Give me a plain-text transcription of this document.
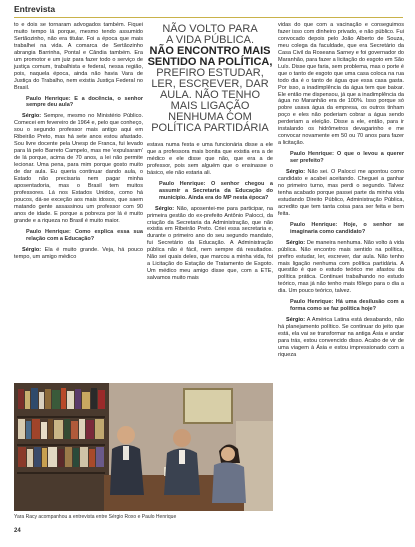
Entrevista

to e dois se tornaram advogados também. Fiquei muito tempo lá porque, mesmo tendo assumido Sertãozinho, não era titular. Foi a época que mais trabalhei na vida. A comarca de Sertãozinho abrangia Barrinha, Pontal e Cândia também. Era um promotor e um juiz para fazer todo o serviço de justiça comum, trabalhista e federal, nessa região, pois, naquela época, ainda não havia Vara de Justiça do Trabalho, nem existia Justiça Federal no Brasil.

Paulo Henrique: E a docência, o senhor sempre deu aula?

Sérgio: Sempre, mesmo no Ministério Público. Comecei em fevereiro de 1964 e, pelo que conheço, sou o segundo professor mais antigo aqui em Ribeirão Preto, mas há sete anos estou afastado. Sou livre docente pela Unesp de Franca, fui levado para lá pelo Barreto Campelo, mas me 'expulsaram' de lá porque, acima de 70 anos, a lei não permite lecionar. Uma pena, para mim porque gosto muito de dar aula. Eu queria continuar dando aula, o Estado não precisaria nem pagar minha aposentadoria, mas o Brasil tem muitos professores. Lá nos Estados Unidos, como há poucos, dá-se exceção aos mais idosos, que saem matando gente assassinou um professor com 90 anos de idade. E porque a pobreza por lá é muito grande e a riqueza no Brasil é muito maior.

Paulo Henrique: Como explica essa sua relação com a Educação?

Sérgio: Ela é muito grande. Veja, há pouco tempo, um amigo médico

NÃO VOLTO PARA
A VIDA PÚBLICA.
NÃO ENCONTRO MAIS SENTIDO NA POLÍTICA,
PREFIRO ESTUDAR, LER, ESCREVER, DAR AULA. NÃO TENHO MAIS LIGAÇÃO NENHUMA COM POLÍTICA PARTIDÁRIA

estava numa festa e uma funcionária disse a ele que a professora mais bonita que existia era a de médico e ele disse que não, que era a de professor, pois sem alguém que o ensinasse o básico, ele não estaria ali.

Paulo Henrique: O senhor chegou a assumir a Secretaria da Educação do município. Ainda era do MP nesta época?

Sérgio: Não, aposentei-me para participar, na primeira gestão do ex-prefeito Antônio Palocci, da criação da Secretaria da Administração, que não existia em Ribeirão Preto. Criei essa secretaria e, durante o primeiro ano do seu segundo mandato, fui Secretário da Educação. A Administração pública não é fácil, nem sempre dá resultados. Não sei quais deles, que marcou a minha vida, foi a Licitação do Estação de Tratamento de Esgoto. Um médico meu amigo disse que, com a ETE, salvamos muito mais

vidas do que com a vacinação e conseguimos fazer isso com dinheiro privado, e não público. Fui convocado depois pelo João Alberto de Souza, meu colega da faculdade, que era Secretário da Casa Civil da Roseana Sarney e foi governador do Maranhão, para fazer a licitação do esgoto em São Luís. Disse que faria, sem problema, mas o porte é que o tanto de esgoto que uma casa coloca na rua todo dia é o tanto de água que essa casa gasta. Por isso, a inadimplência da água tem que baixar. Ele então me dispensou, já que a inadimplência da água no Maranhão era de 100%. Isso porque só pobre usava água da empresa, os outros tinham poço e eles não poderiam cobrar a água sendo perderiam a eleição. Disse a ele, então, para ir instalando os hidrômetros devagarinho e me convocar novamente em 50 ou 70 anos para fazer a licitação.

Paulo Henrique: O que o levou a querer ser prefeito?

Sérgio: Não sei. O Palocci me apontou como candidato e acabei aceitando. Cheguei a ganhar no primeiro turno, mas perdi o segundo. Talvez tenha acabado porque passei parte da minha vida estudando Direito Público, Administração Pública, acredito que tem tanta coisa para ser feita e bem feita.

Paulo Henrique: Hoje, o senhor se imaginaria como candidato?

Sérgio: De maneira nenhuma. Não volto à vida pública. Não encontro mais sentido na política, prefiro estudar, ler, escrever, dar aula. Não tenho mais ligação nenhuma com política partidária. A questão é que o estudo teórico me afastou da política prática. Continuei trabalhando no estudo teórico, mas já não tenho mais fôlego para o dia a dia. Um pouco teórico, talvez.

Paulo Henrique: Há uma desilusão com a forma como se faz política hoje?

Sérgio: A América Latina está desabando, não há planejamento político. Se continuar do jeito que está, ela vai se transformar na antiga Ásia e andar para trás, estou convencido disso. Acabo de vir de uma viagem à Ásia e estou impressionado com a riqueza

Yara Racy acompanhou a entrevista entre Sérgio Roxo e Paulo Henrique
24
